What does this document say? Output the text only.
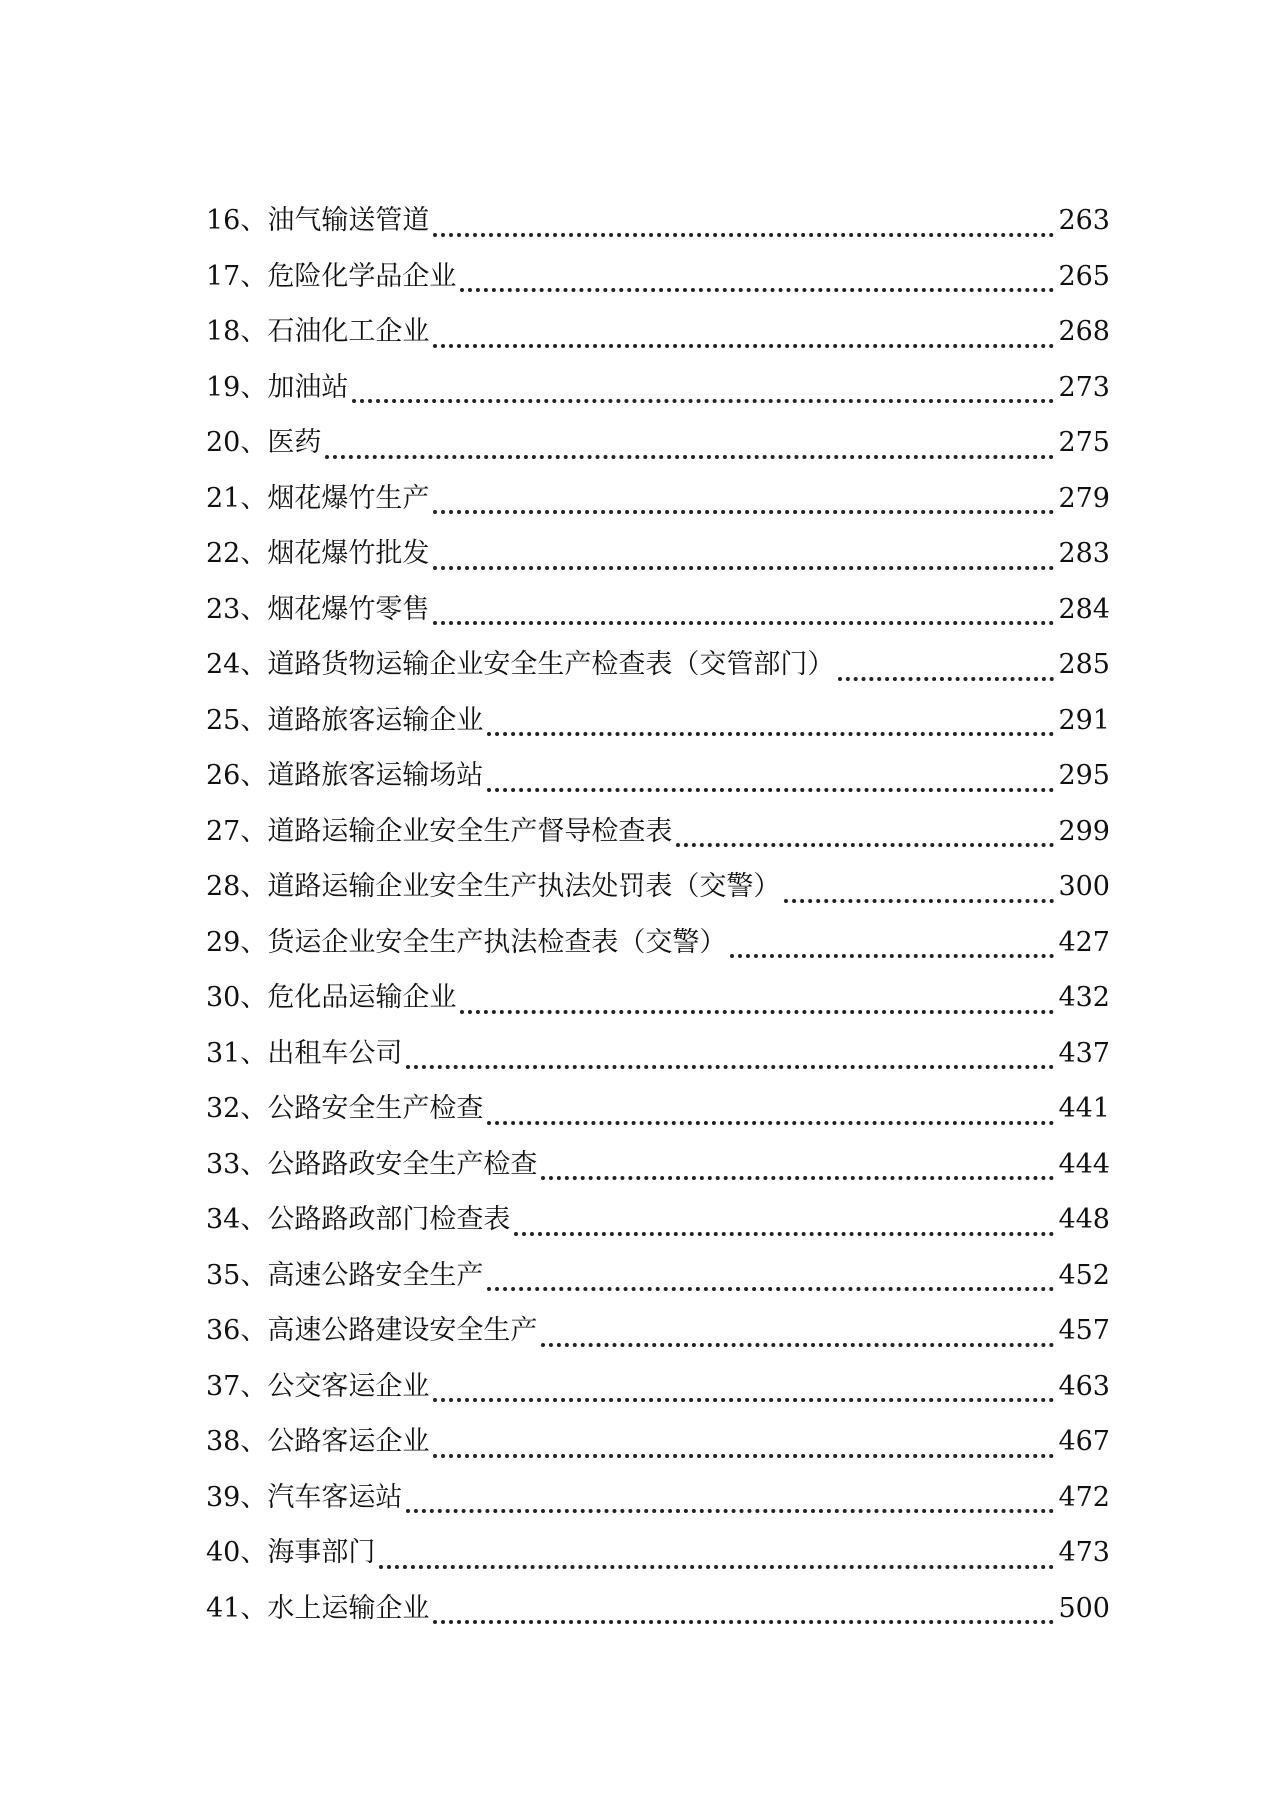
16、油气输送管道	263
17、危险化学品企业	265
18、石油化工企业	268
19、加油站	273
20、医药	275
21、烟花爆竹生产	279
22、烟花爆竹批发	283
23、烟花爆竹零售	284
24、道路货物运输企业安全生产检查表（交管部门）	285
25、道路旅客运输企业	291
26、道路旅客运输场站	295
27、道路运输企业安全生产督导检查表	299
28、道路运输企业安全生产执法处罚表（交警）	300
29、货运企业安全生产执法检查表（交警）	427
30、危化品运输企业	432
31、出租车公司	437
32、公路安全生产检查	441
33、公路路政安全生产检查	444
34、公路路政部门检查表	448
35、高速公路安全生产	452
36、高速公路建设安全生产	457
37、公交客运企业	463
38、公路客运企业	467
39、汽车客运站	472
40、海事部门	473
41、水上运输企业	500
